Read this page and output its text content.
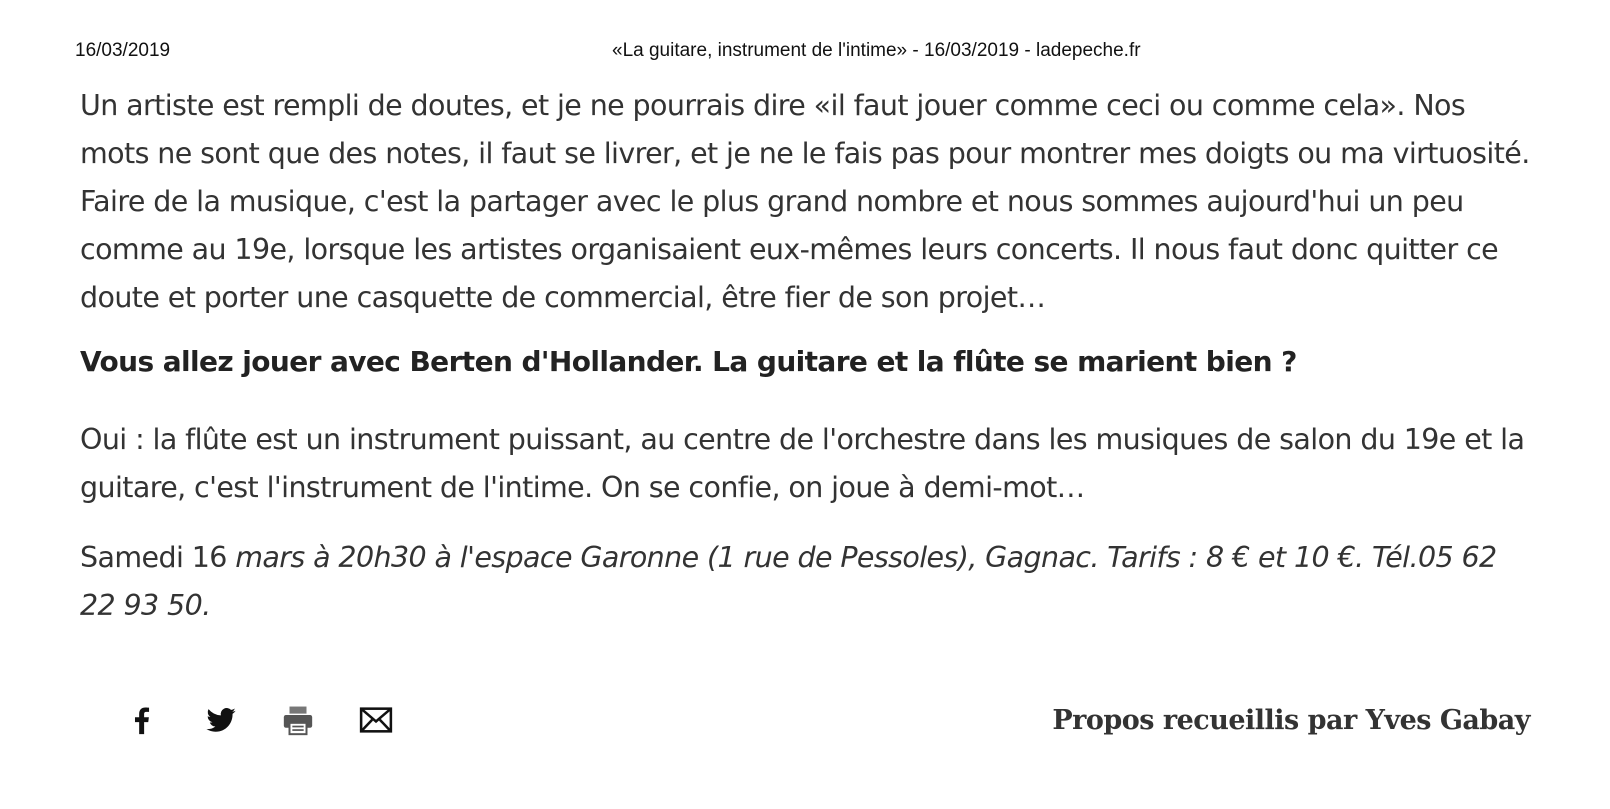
16/03/2019	«La guitare, instrument de l'intime» - 16/03/2019 - ladepeche.fr

Un artiste est rempli de doutes, et je ne pourrais dire «il faut jouer comme ceci ou comme cela». Nos mots ne sont que des notes, il faut se livrer, et je ne le fais pas pour montrer mes doigts ou ma virtuosité. Faire de la musique, c'est la partager avec le plus grand nombre et nous sommes aujourd'hui un peu comme au 19e, lorsque les artistes organisaient eux-mêmes leurs concerts. Il nous faut donc quitter ce doute et porter une casquette de commercial, être fier de son projet…

Vous allez jouer avec Berten d'Hollander. La guitare et la flûte se marient bien ?

Oui : la flûte est un instrument puissant, au centre de l'orchestre dans les musiques de salon du 19e et la guitare, c'est l'instrument de l'intime. On se confie, on joue à demi-mot…

Samedi 16 mars à 20h30 à l'espace Garonne (1 rue de Pessoles), Gagnac. Tarifs : 8 € et 10 €. Tél.05 62 22 93 50.

Propos recueillis par Yves Gabay
